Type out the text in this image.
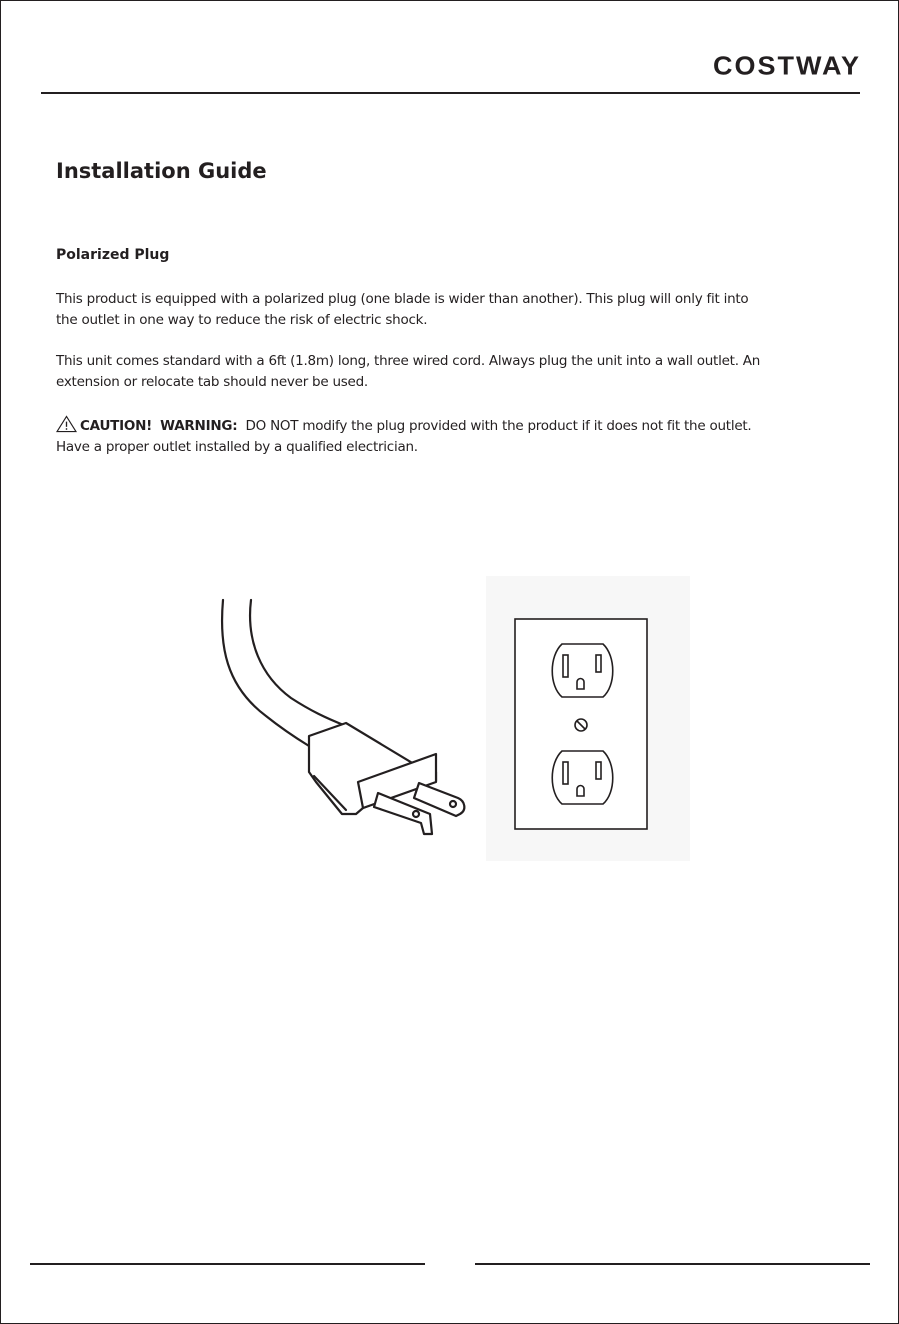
COSTWAY
Installation Guide
Polarized Plug

This product is equipped with a polarized plug (one blade is wider than another). This plug will only fit into
the outlet in one way to reduce the risk of electric shock.

This unit comes standard with a 6ft (1.8m) long, three wired cord. Always plug the unit into a wall outlet. An
extension or relocate tab should never be used.

CAUTION! WARNING: DO NOT modify the plug provided with the product if it does not fit the outlet.
Have a proper outlet installed by a qualified electrician.
